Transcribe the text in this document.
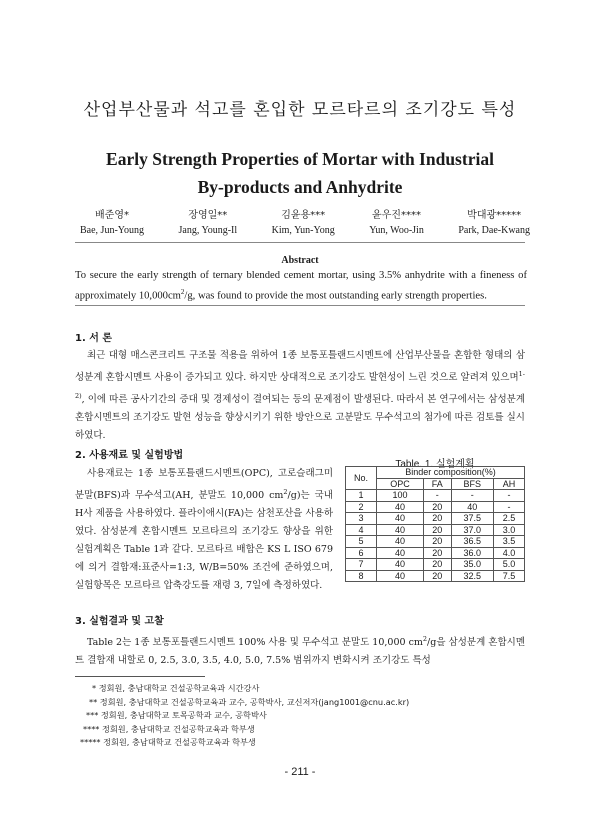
산업부산물과 석고를 혼입한 모르타르의 조기강도 특성
Early Strength Properties of Mortar with Industrial
By-products and Anhydrite
배준영*
Bae, Jun-Young
장영일**
Jang, Young-Il
김윤용***
Kim, Yun-Yong
윤우진****
Yun, Woo-Jin
박대광*****
Park, Dae-Kwang
Abstract
To secure the early strength of ternary blended cement mortar, using 3.5% anhydrite with a fineness of approximately $10,000cm^2/g$, was found to provide the most outstanding early strength properties.
1. 서 론
최근 대형 매스콘크리트 구조물 적용을 위하여 1종 보통포틀랜드시멘트에 산업부산물을 혼합한 형태의 삼성분계 혼합시멘트 사용이 증가되고 있다. 하지만 상대적으로 조기강도 발현성이 느린 것으로 알려져 있으며$^{1-2)}$, 이에 따른 공사기간의 증대 및 경제성이 결여되는 등의 문제점이 발생된다. 따라서 본 연구에서는 삼성분계 혼합시멘트의 조기강도 발현 성능을 향상시키기 위한 방안으로 고분말도 무수석고의 첨가에 따른 검토를 실시하였다.
2. 사용재료 및 실험방법
사용재료는 1종 보통포틀랜드시멘트(OPC), 고로슬래그미분말(BFS)과 무수석고(AH, 분말도 10,000 $cm^2/g$)는 국내 H사 제품을 사용하였다. 플라이애시(FA)는 삼천포산을 사용하였다. 삼성분계 혼합시멘트 모르타르의 조기강도 향상을 위한 실험계획은 Table 1과 같다. 모르타르 배합은 KS L ISO 679에 의거 결합재:표준사=1:3, W/B=50% 조건에 준하였으며, 실험항목은 모르타르 압축강도를 재령 3, 7일에 측정하였다.
Table. 1. 실험계획
No.	Binder composition(%)			
	OPC	FA	BFS	AH
1	100	-	-	-
2	40	20	40	-
3	40	20	37.5	2.5
4	40	20	37.0	3.0
5	40	20	36.5	3.5
6	40	20	36.0	4.0
7	40	20	35.0	5.0
8	40	20	32.5	7.5
3. 실험결과 및 고찰
Table 2는 1종 보통포틀랜드시멘트 100% 사용 및 무수석고 분말도 10,000 $cm^2/g$을 삼성분계 혼합시멘트 결합재 내할로 0, 2.5, 3.0, 3.5, 4.0, 5.0, 7.5% 범위까지 변화시켜 조기강도 특성
* 정회원, 충남대학교 건설공학교육과 시간강사
** 정회원, 충남대학교 건설공학교육과 교수, 공학박사, 교신저자(jang1001@cnu.ac.kr)
*** 정회원, 충남대학교 토목공학과 교수, 공학박사
**** 정회원, 충남대학교 건설공학교육과 학부생
***** 정회원, 충남대학교 건설공학교육과 학부생
- 211 -
